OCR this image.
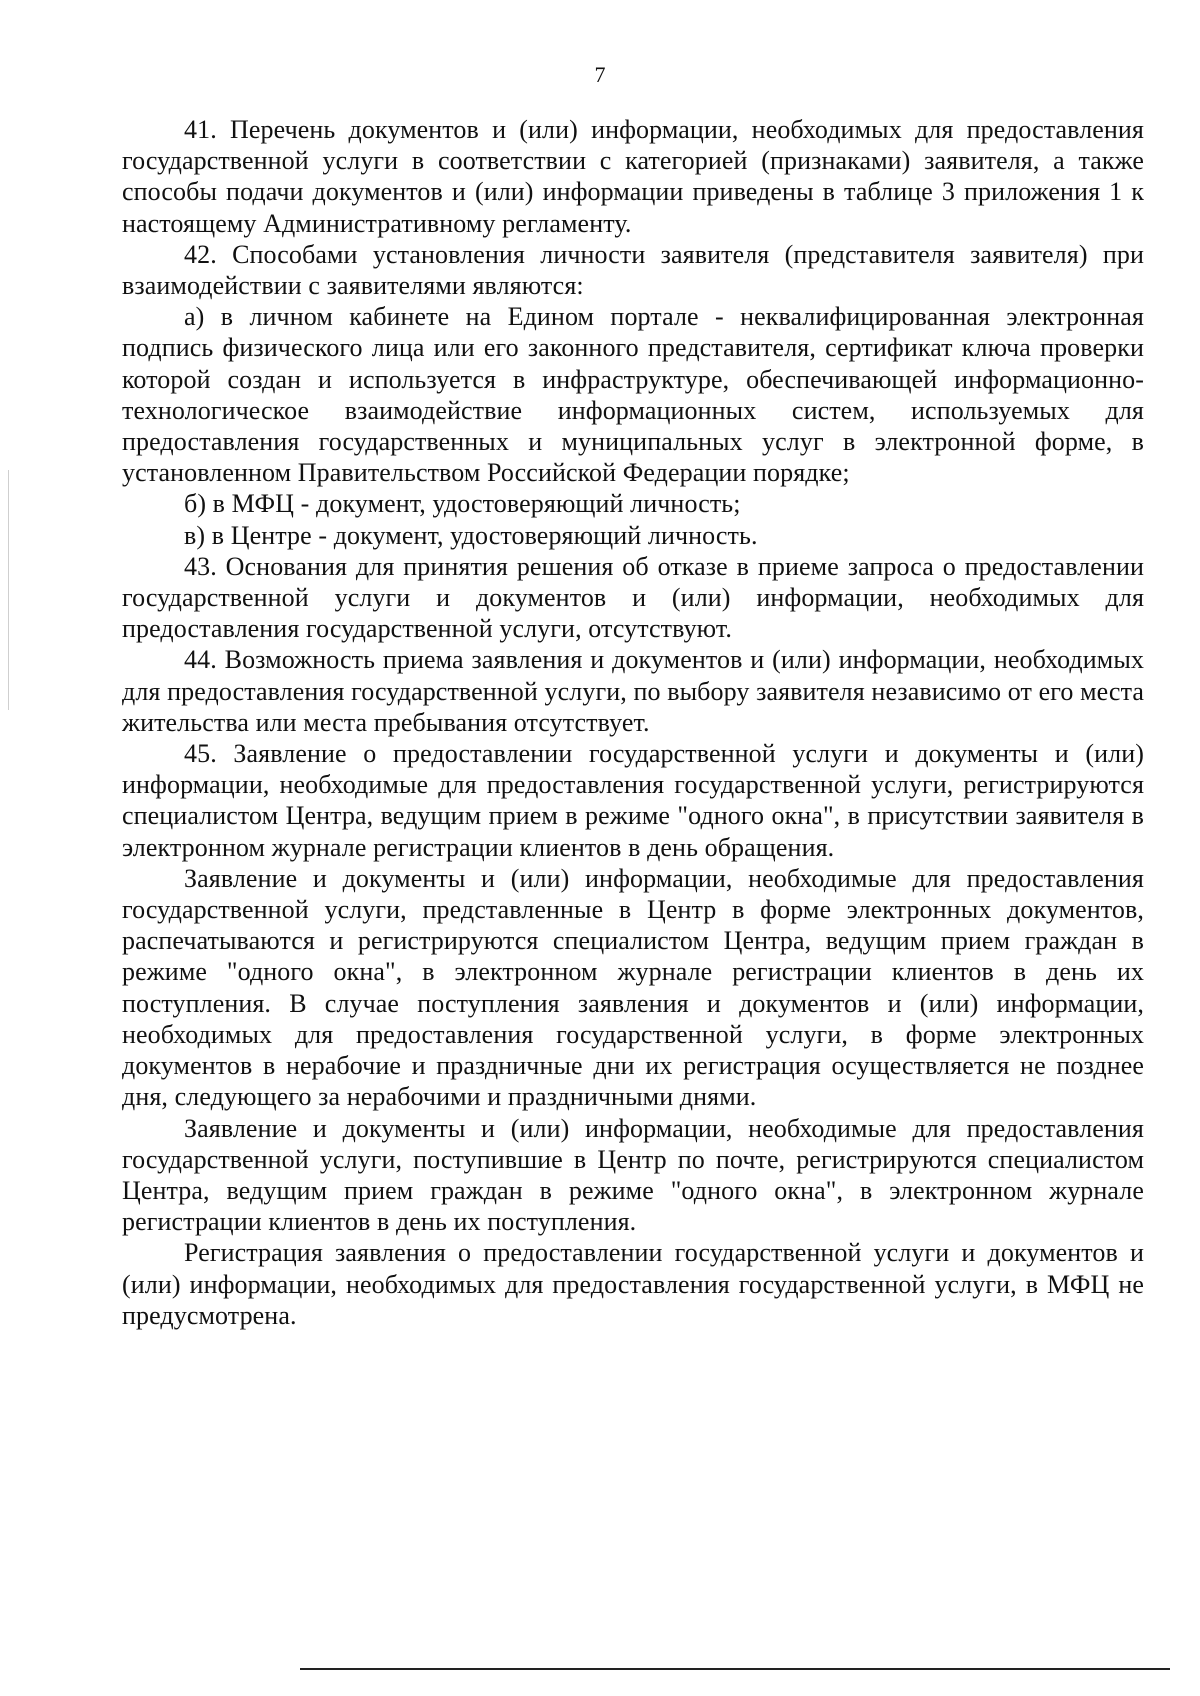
7

41. Перечень документов и (или) информации, необходимых для предоставления государственной услуги в соответствии с категорией (признаками) заявителя, а также способы подачи документов и (или) информации приведены в таблице 3 приложения 1 к настоящему Административному регламенту.

42. Способами установления личности заявителя (представителя заявителя) при взаимодействии с заявителями являются:

а) в личном кабинете на Едином портале - неквалифицированная электронная подпись физического лица или его законного представителя, сертификат ключа проверки которой создан и используется в инфраструктуре, обеспечивающей информационно-технологическое взаимодействие информационных систем, используемых для предоставления государственных и муниципальных услуг в электронной форме, в установленном Правительством Российской Федерации порядке;

б) в МФЦ - документ, удостоверяющий личность;

в) в Центре - документ, удостоверяющий личность.

43. Основания для принятия решения об отказе в приеме запроса о предоставлении государственной услуги и документов и (или) информации, необходимых для предоставления государственной услуги, отсутствуют.

44. Возможность приема заявления и документов и (или) информации, необходимых для предоставления государственной услуги, по выбору заявителя независимо от его места жительства или места пребывания отсутствует.

45. Заявление о предоставлении государственной услуги и документы и (или) информации, необходимые для предоставления государственной услуги, регистрируются специалистом Центра, ведущим прием в режиме "одного окна", в присутствии заявителя в электронном журнале регистрации клиентов в день обращения.

Заявление и документы и (или) информации, необходимые для предоставления государственной услуги, представленные в Центр в форме электронных документов, распечатываются и регистрируются специалистом Центра, ведущим прием граждан в режиме "одного окна", в электронном журнале регистрации клиентов в день их поступления. В случае поступления заявления и документов и (или) информации, необходимых для предоставления государственной услуги, в форме электронных документов в нерабочие и праздничные дни их регистрация осуществляется не позднее дня, следующего за нерабочими и праздничными днями.

Заявление и документы и (или) информации, необходимые для предоставления государственной услуги, поступившие в Центр по почте, регистрируются специалистом Центра, ведущим прием граждан в режиме "одного окна", в электронном журнале регистрации клиентов в день их поступления.

Регистрация заявления о предоставлении государственной услуги и документов и (или) информации, необходимых для предоставления государственной услуги, в МФЦ не предусмотрена.
